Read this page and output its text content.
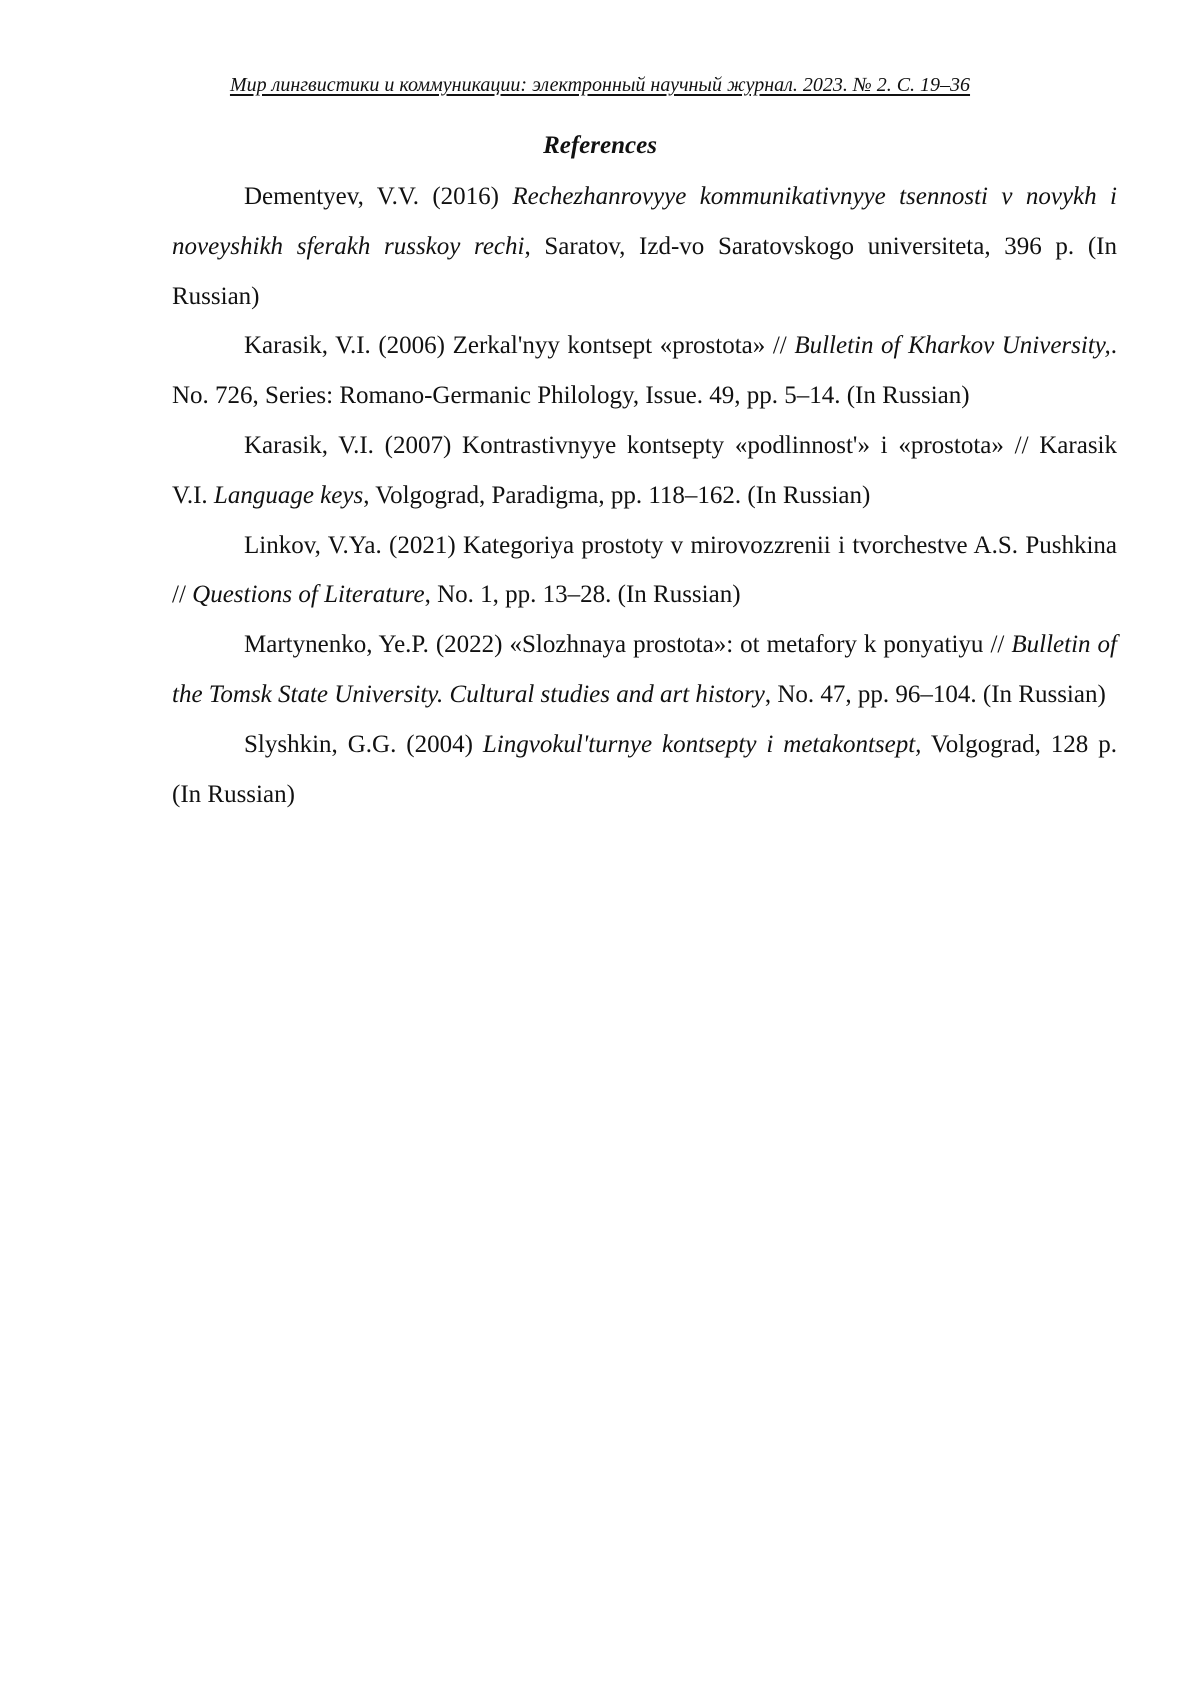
Мир лингвистики и коммуникации: электронный научный журнал. 2023. № 2. С. 19–36
References
Dementyev, V.V. (2016) Rechezhanrovyye kommunikativnyye tsennosti v novykh i noveyshikh sferakh russkoy rechi, Saratov, Izd-vo Saratovskogo universiteta, 396 p. (In Russian)
Karasik, V.I. (2006) Zerkal'nyy kontsept «prostota» // Bulletin of Kharkov University,. No. 726, Series: Romano-Germanic Philology, Issue. 49, pp. 5–14. (In Russian)
Karasik, V.I. (2007) Kontrastivnyye kontsepty «podlinnost'» i «prostota» // Karasik V.I. Language keys, Volgograd, Paradigma, pp. 118–162. (In Russian)
Linkov, V.Ya. (2021) Kategoriya prostoty v mirovozzrenii i tvorchestve A.S. Pushkina // Questions of Literature, No. 1, pp. 13–28. (In Russian)
Martynenko, Ye.P. (2022) «Slozhnaya prostota»: ot metafory k ponyatiyu // Bulletin of the Tomsk State University. Cultural studies and art history, No. 47, pp. 96–104. (In Russian)
Slyshkin, G.G. (2004) Lingvokul'turnye kontsepty i metakontsept, Volgograd, 128 p. (In Russian)
